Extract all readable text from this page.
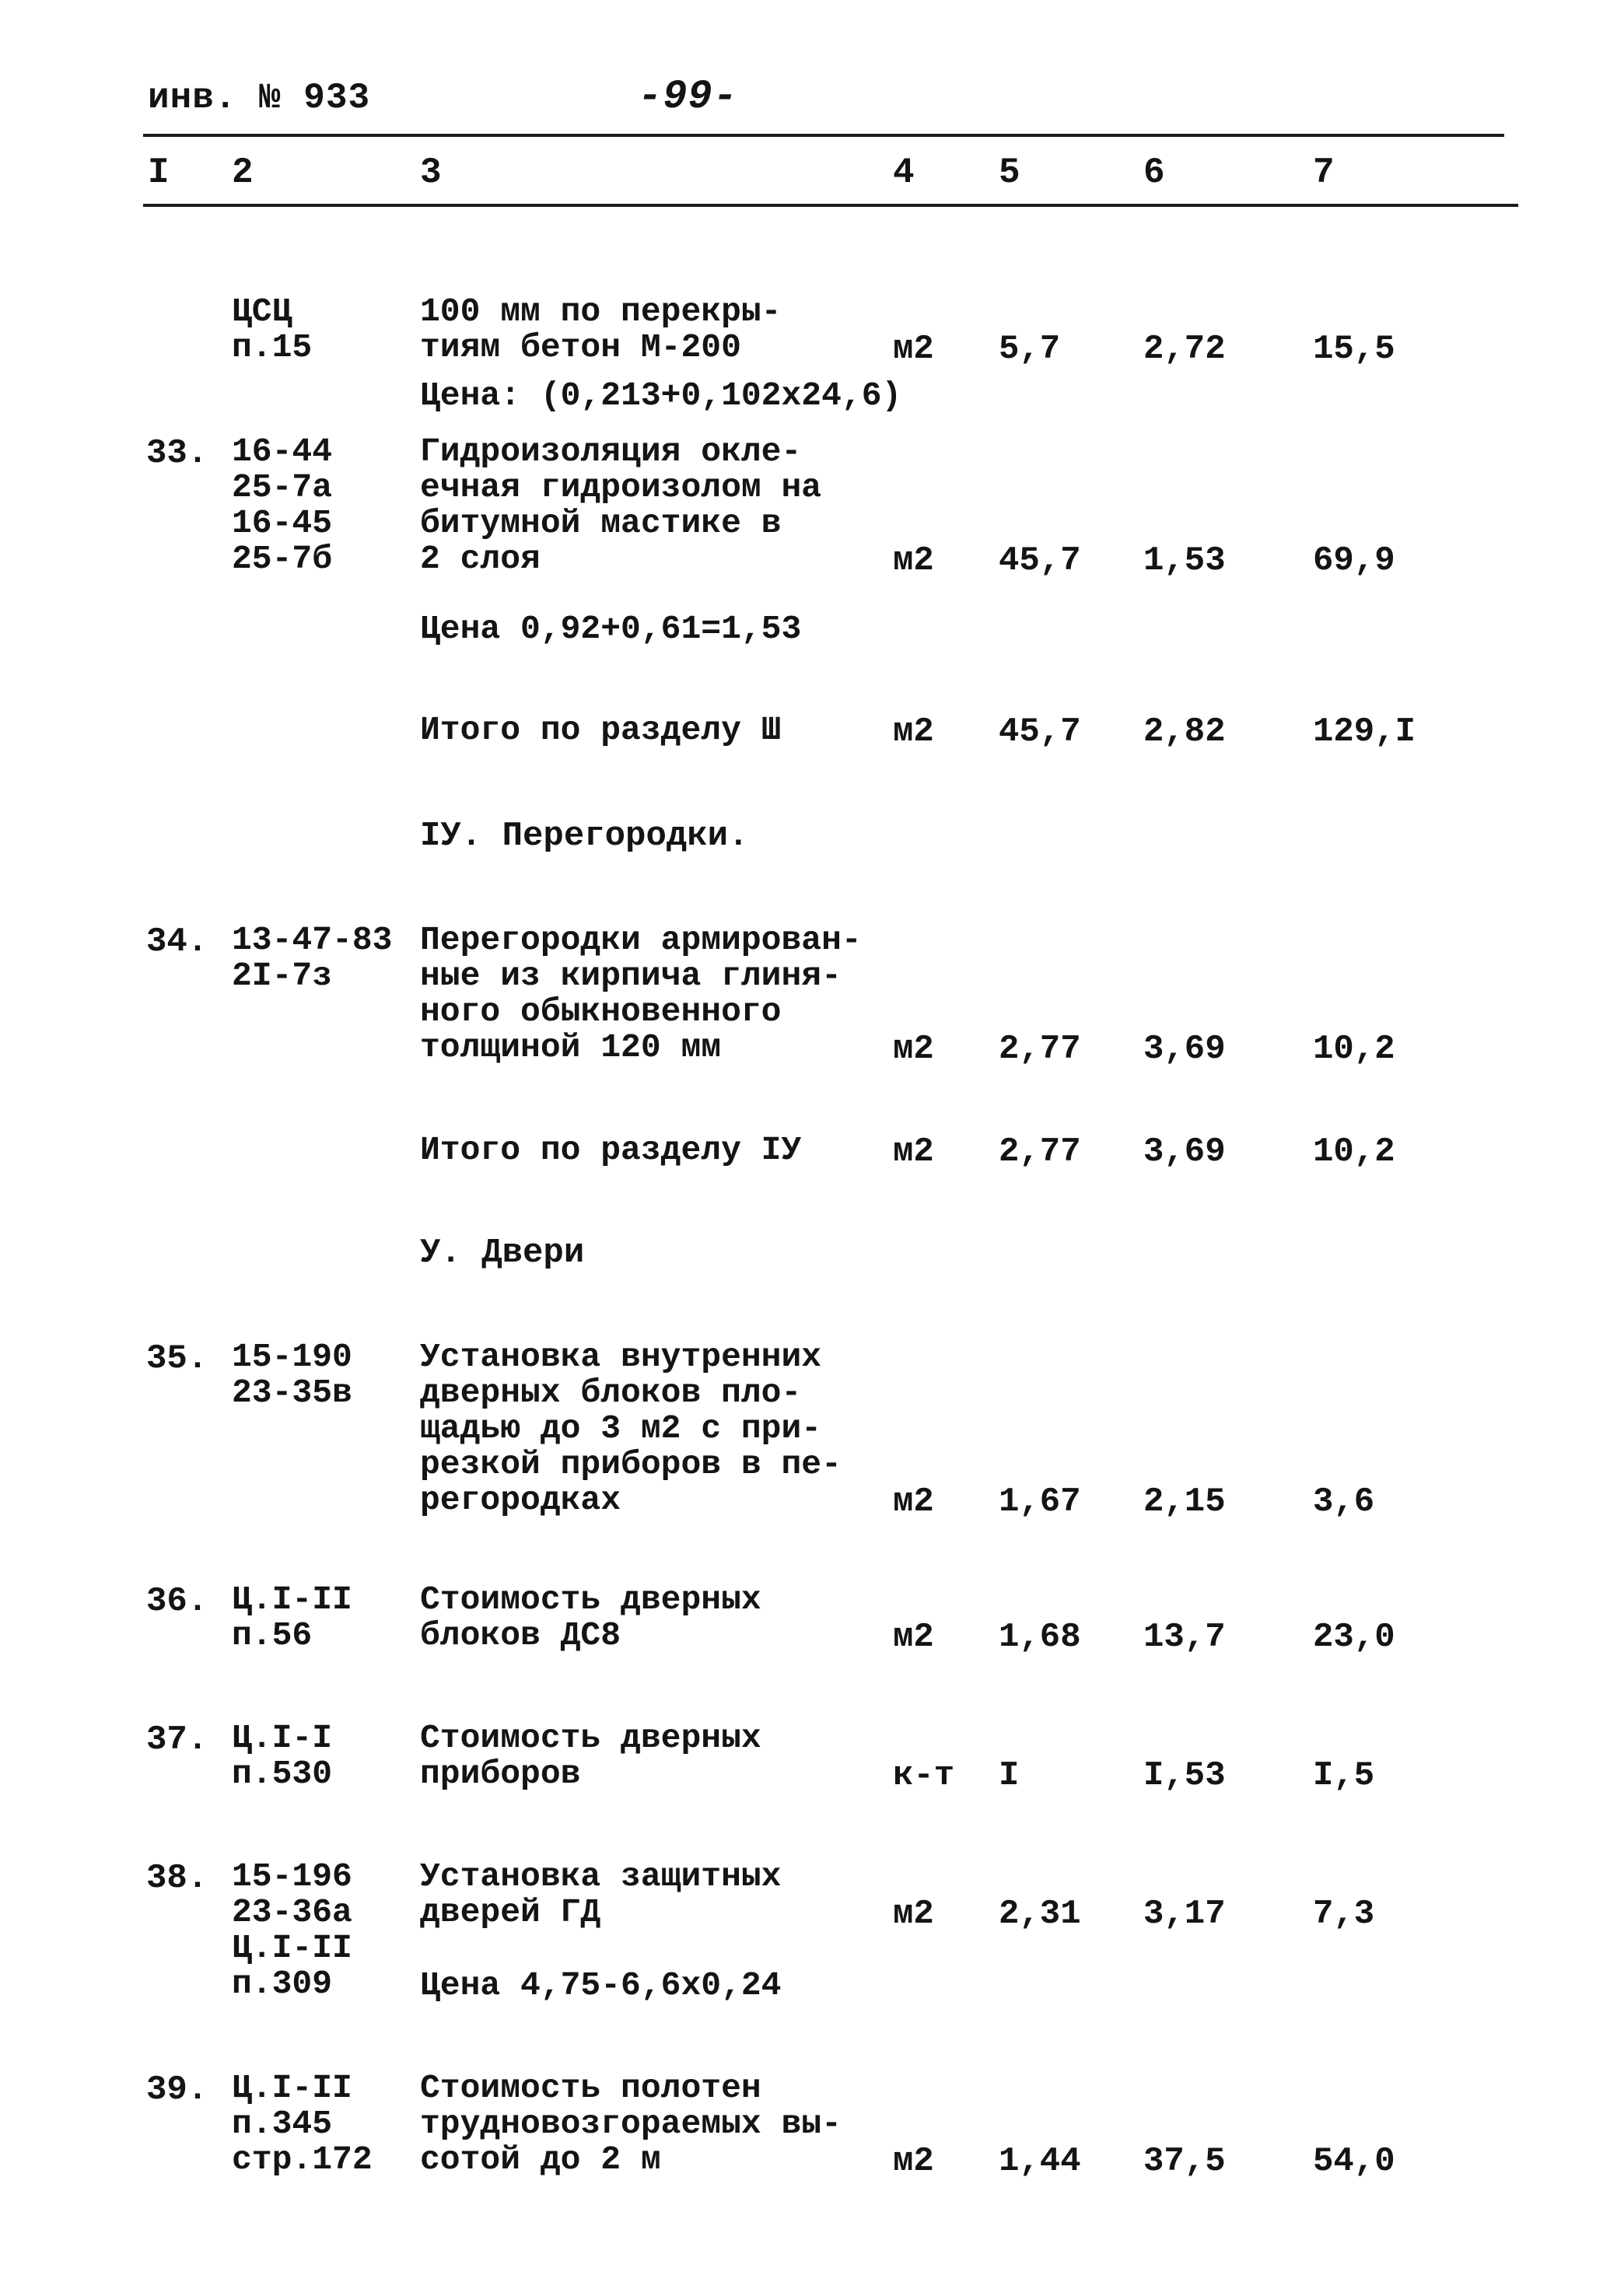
инв. № 933	-99-
I 2	3	4 5	6	7
ЦСЦ
п.15
100 мм по перекры-
тиям бетон М-200	м2 5,7 2,72	15,5
Цена: (0,213+0,102х24,6)
33. 16-44
25-7а
16-45
25-7б
Гидроизоляция окле-
ечная гидроизолом на
битумной мастике в
2 слоя	м2 45,7 1,53	69,9
Цена 0,92+0,61=1,53
Итого по разделу Ш	м2 45,7 2,82	129,I
IУ. Перегородки.
34. 13-47-83
2I-7з
Перегородки армирован-
ные из кирпича глиня-
ного обыкновенного
толщиной 120 мм	м2 2,77 3,69	10,2
Итого по разделу IУ	м2 2,77 3,69	10,2
У. Двери
35. 15-190
23-35в
Установка внутренних
дверных блоков пло-
щадью до 3 м2 с при-
резкой приборов в пе-
регородках	м2 1,67 2,15	3,6
36. Ц.I-II
п.56
Стоимость дверных
блоков ДС8	м2 1,68 13,7	23,0
37. Ц.I-I
п.530
Стоимость дверных
приборов	к-т I	I,53	I,5
38. 15-196
23-36а
Ц.I-II
п.309
Установка защитных
дверей ГД	м2 2,31 3,17	7,3
Цена 4,75-6,6х0,24
39. Ц.I-II
п.345
стр.172
Стоимость полотен
трудновозгораемых вы-
сотой до 2 м	м2 1,44 37,5	54,0
